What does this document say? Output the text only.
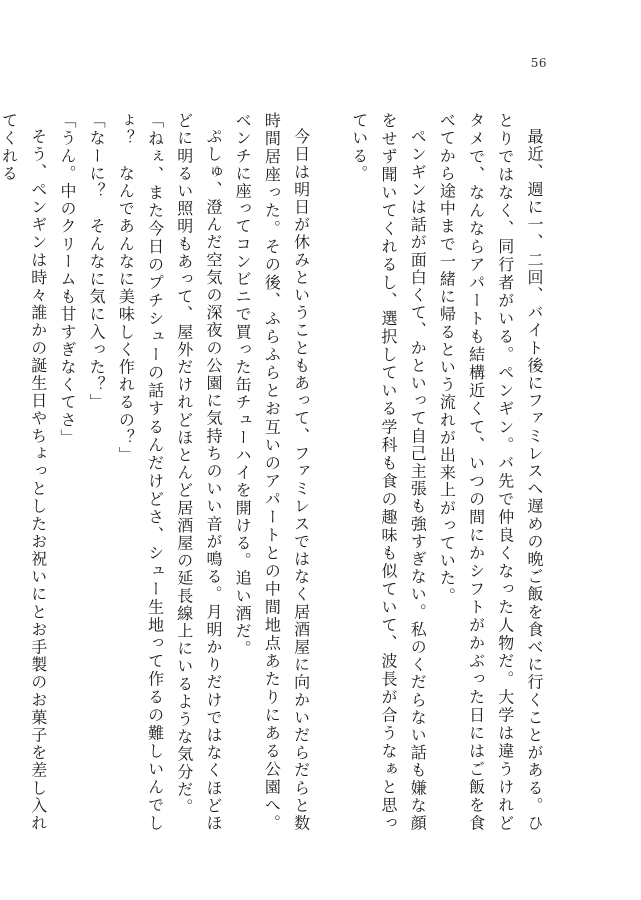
56

最近、週に一、二回、バイト後にファミレスへ遅めの晩ご飯を食べに行くことがある。ひとりではなく、同行者がいる。ペンギン。バ先で仲良くなった人物だ。大学は違うけれどタメで、なんならアパートも結構近くて、いつの間にかシフトがかぶった日にはご飯を食べてから途中まで一緒に帰るという流れが出来上がっていた。

ペンギンは話が面白くて、かといって自己主張も強すぎない。私のくだらない話も嫌な顔をせず聞いてくれるし、選択している学科も食の趣味も似ていて、波長が合うなぁと思っている。

今日は明日が休みということもあって、ファミレスではなく居酒屋に向かいだらだらと数時間居座った。その後、ふらふらとお互いのアパートとの中間地点あたりにある公園へ。ベンチに座ってコンビニで買った缶チューハイを開ける。追い酒だ。

ぷしゅ、澄んだ空気の深夜の公園に気持ちのいい音が鳴る。月明かりだけではなくほどほどに明るい照明もあって、屋外だけれどほとんど居酒屋の延長線上にいるような気分だ。

「ねぇ、また今日のプチシューの話するんだけどさ、シュー生地って作るの難しいんでしょ？　なんであんなに美味しく作れるの？」

「なーに？　そんなに気に入った？」

「うん。中のクリームも甘すぎなくてさ」

そう、ペンギンは時々誰かの誕生日やちょっとしたお祝いにとお手製のお菓子を差し入れてくれる
